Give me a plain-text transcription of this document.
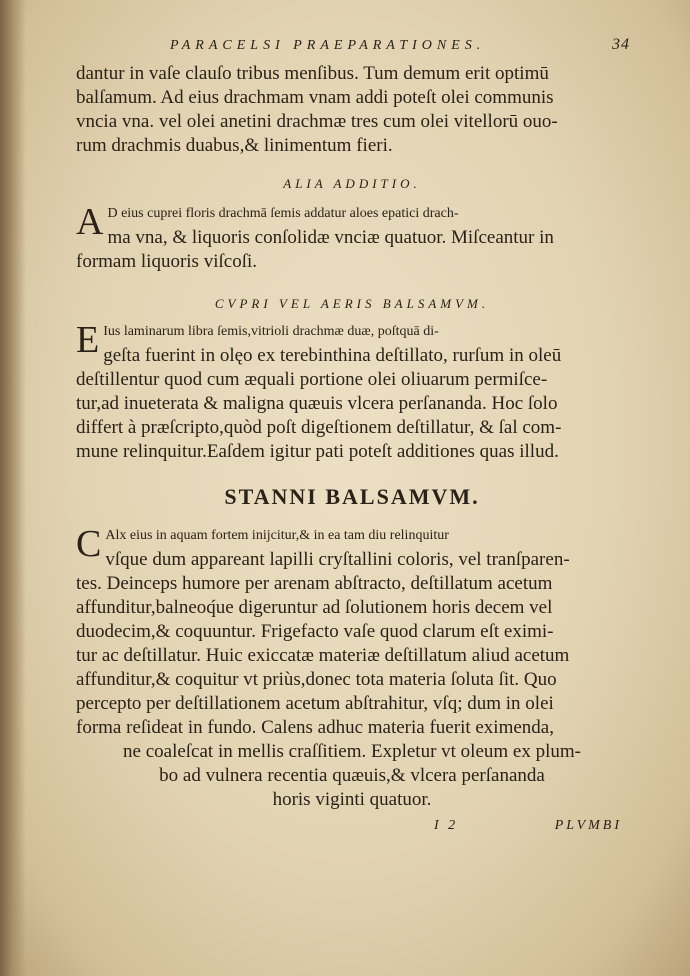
PARACELSI PRAEPARATIONES.	34
dantur in vaſe clauſo tribus menſibus. Tum demum erit optimū
balſamum. Ad eius drachmam vnam addi poteſt olei communis
vncia vna. vel olei anetini drachmæ tres cum olei vitellorū ouo-
rum drachmis duabus,& linimentum fieri.
ALIA ADDITIO.
A D eius cuprei floris drachmā ſemis addatur aloes epatici drach-
ma vna, & liquoris conſolidæ vnciæ quatuor. Miſceantur in
formam liquoris viſcoſi.
CVPRI VEL AERIS BALSAMVM.
E Ius laminarum libra ſemis,vitrioli drachmæ duæ, poſtquā di-
geſta fuerint in olęo ex terebinthina deſtillato, rurſum in oleū
deſtillentur quod cum æquali portione olei oliuarum permiſce-
tur,ad inueterata & maligna quæuis vlcera perſananda. Hoc ſolo
differt à præſcripto,quòd poſt digeſtionem deſtillatur, & ſal com-
mune relinquitur.Eaſdem igitur pati poteſt additiones quas illud.
STANNI BALSAMVM.
C Alx eius in aquam fortem inijcitur,& in ea tam diu relinquitur
vſque dum appareant lapilli cryſtallini coloris, vel tranſparen-
tes. Deinceps humore per arenam abſtracto, deſtillatum acetum
affunditur,balneoq́ue digeruntur ad ſolutionem horis decem vel
duodecim,& coquuntur. Frigefacto vaſe quod clarum eſt eximi-
tur ac deſtillatur. Huic exiccatæ materiæ deſtillatum aliud acetum
affunditur,& coquitur vt priùs,donec tota materia ſoluta ſit. Quo
percepto per deſtillationem acetum abſtrahitur, vſq; dum in olei
forma reſideat in fundo. Calens adhuc materia fuerit eximenda,
ne coaleſcat in mellis craſſitiem. Expletur vt oleum ex plum-
bo ad vulnera recentia quæuis,& vlcera perſananda
horis viginti quatuor.
I 2	PLVMBI
